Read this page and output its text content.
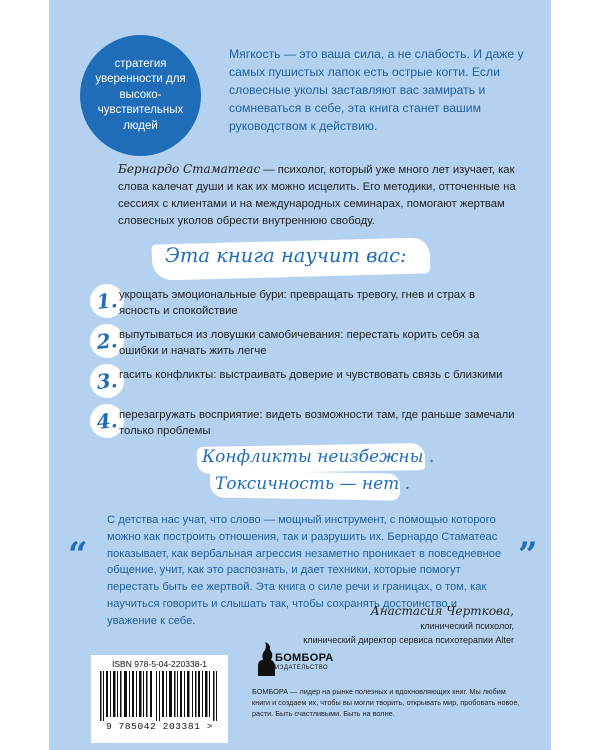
стратегия уверенности для высоко-чувствительных людей

Мягкость — это ваша сила, а не слабость. И даже у самых пушистых лапок есть острые когти. Если словесные уколы заставляют вас замирать и сомневаться в себе, эта книга станет вашим руководством к действию.

Бернардо Стаматеас — психолог, который уже много лет изучает, как слова калечат души и как их можно исцелить. Его методики, отточенные на сессиях с клиентами и на международных семинарах, помогают жертвам словесных уколов обрести внутреннюю свободу.

Эта книга научит вас:

1. укрощать эмоциональные бури: превращать тревогу, гнев и страх в ясность и спокойствие

2. выпутываться из ловушки самобичевания: перестать корить себя за ошибки и начать жить легче

3. гасить конфликты: выстраивать доверие и чувствовать связь с близкими

4. перезагружать восприятие: видеть возможности там, где раньше замечали только проблемы

Конфликты неизбежны .

Токсичность — нет .

“

С детства нас учат, что слово — мощный инструмент, с помощью которого можно как построить отношения, так и разрушить их. Бернардо Стаматеас показывает, как вербальная агрессия незаметно проникает в повседневное общение, учит, как это распознать, и дает техники, которые помогут перестать быть ее жертвой. Эта книга о силе речи и границах, о том, как научиться говорить и слышать так, чтобы сохранять достоинство и уважение к себе.

”

Анастасия Черткова,

клинический психолог,
клинический директор сервиса психотерапии Alter
ISBN 978-5-04-220338-1
9 785042 203381 >
БОМБОРА
ИЗДАТЕЛЬСТВО

БОМБОРА — лидер на рынке полезных и вдохновляющих книг. Мы любим книги и создаем их, чтобы вы могли творить, открывать мир, пробовать новое, расти. Быть счастливыми. Быть на волне.
